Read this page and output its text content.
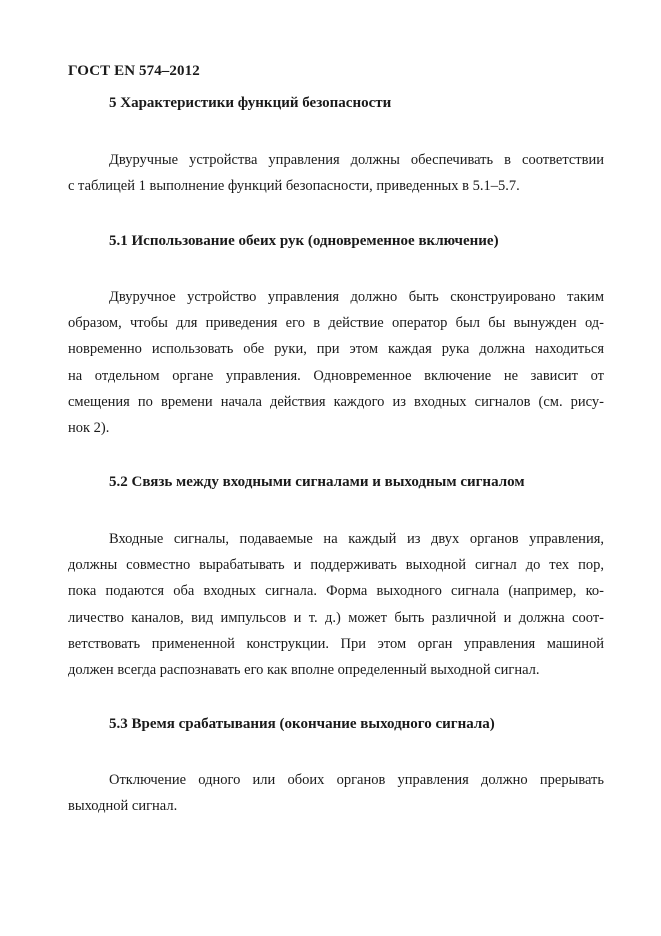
ГОСТ EN 574–2012
5 Характеристики функций безопасности
Двуручные устройства управления должны обеспечивать в соответствии
с таблицей 1 выполнение функций безопасности, приведенных в 5.1–5.7.
5.1 Использование обеих рук (одновременное включение)
Двуручное устройство управления должно быть сконструировано таким
образом, чтобы для приведения его в действие оператор был бы вынужден од-
новременно использовать обе руки, при этом каждая рука должна находиться
на отдельном органе управления. Одновременное включение не зависит от
смещения по времени начала действия каждого из входных сигналов (см. рису-
нок 2).
5.2 Связь между входными сигналами и выходным сигналом
Входные сигналы, подаваемые на каждый из двух органов управления,
должны совместно вырабатывать и поддерживать выходной сигнал до тех пор,
пока подаются оба входных сигнала. Форма выходного сигнала (например, ко-
личество каналов, вид импульсов и т. д.) может быть различной и должна соот-
ветствовать примененной конструкции. При этом орган управления машиной
должен всегда распознавать его как вполне определенный выходной сигнал.
5.3 Время срабатывания (окончание выходного сигнала)
Отключение одного или обоих органов управления должно прерывать
выходной сигнал.
